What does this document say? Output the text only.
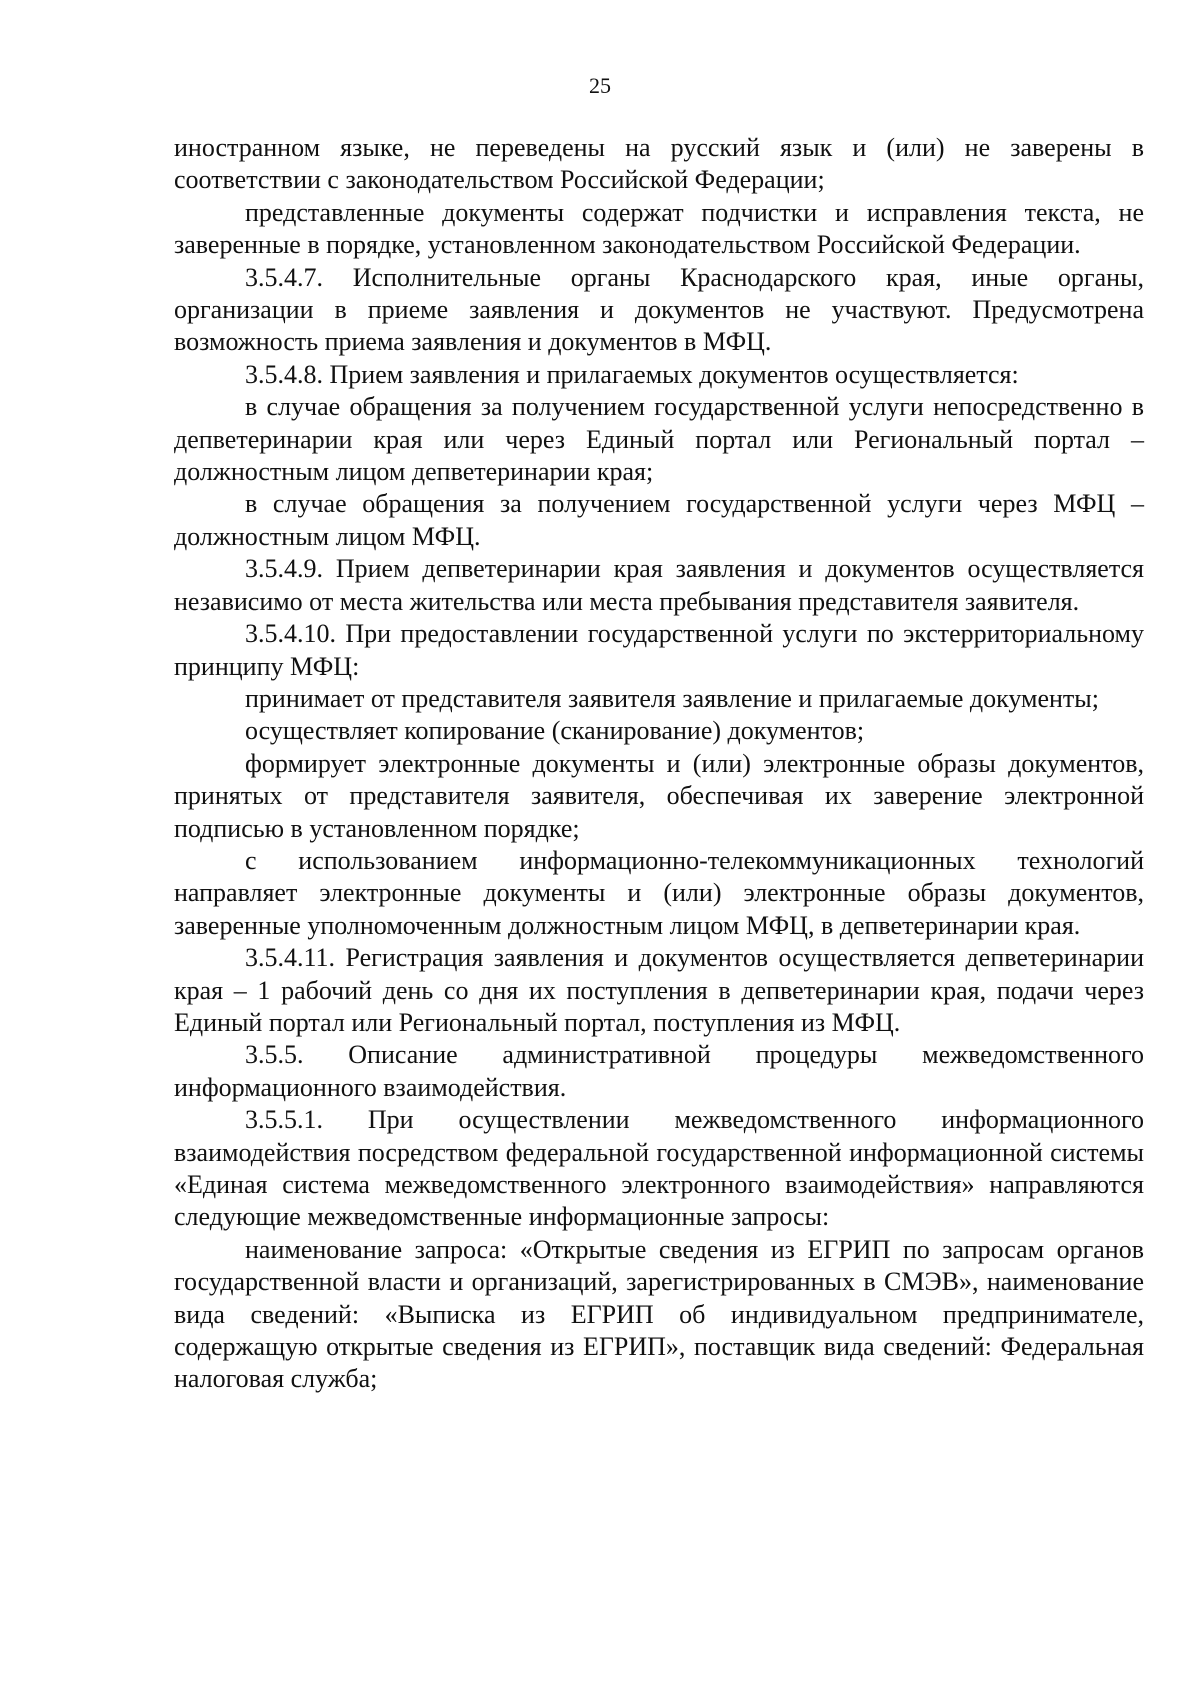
25

иностранном языке, не переведены на русский язык и (или) не заверены в соответствии с законодательством Российской Федерации;

представленные документы содержат подчистки и исправления текста, не заверенные в порядке, установленном законодательством Российской Федерации.

3.5.4.7. Исполнительные органы Краснодарского края, иные органы, организации в приеме заявления и документов не участвуют. Предусмотрена возможность приема заявления и документов в МФЦ.

3.5.4.8. Прием заявления и прилагаемых документов осуществляется:

в случае обращения за получением государственной услуги непосредственно в депветеринарии края или через Единый портал или Региональный портал – должностным лицом депветеринарии края;

в случае обращения за получением государственной услуги через МФЦ – должностным лицом МФЦ.

3.5.4.9. Прием депветеринарии края заявления и документов осуществляется независимо от места жительства или места пребывания представителя заявителя.

3.5.4.10. При предоставлении государственной услуги по экстерриториальному принципу МФЦ:

принимает от представителя заявителя заявление и прилагаемые документы;

осуществляет копирование (сканирование) документов;

формирует электронные документы и (или) электронные образы документов, принятых от представителя заявителя, обеспечивая их заверение электронной подписью в установленном порядке;

с использованием информационно-телекоммуникационных технологий направляет электронные документы и (или) электронные образы документов, заверенные уполномоченным должностным лицом МФЦ, в депветеринарии края.

3.5.4.11. Регистрация заявления и документов осуществляется депветеринарии края – 1 рабочий день со дня их поступления в депветеринарии края, подачи через Единый портал или Региональный портал, поступления из МФЦ.

3.5.5. Описание административной процедуры межведомственного информационного взаимодействия.

3.5.5.1. При осуществлении межведомственного информационного взаимодействия посредством федеральной государственной информационной системы «Единая система межведомственного электронного взаимодействия» направляются следующие межведомственные информационные запросы:

наименование запроса: «Открытые сведения из ЕГРИП по запросам органов государственной власти и организаций, зарегистрированных в СМЭВ», наименование вида сведений: «Выписка из ЕГРИП об индивидуальном предпринимателе, содержащую открытые сведения из ЕГРИП», поставщик вида сведений: Федеральная налоговая служба;
